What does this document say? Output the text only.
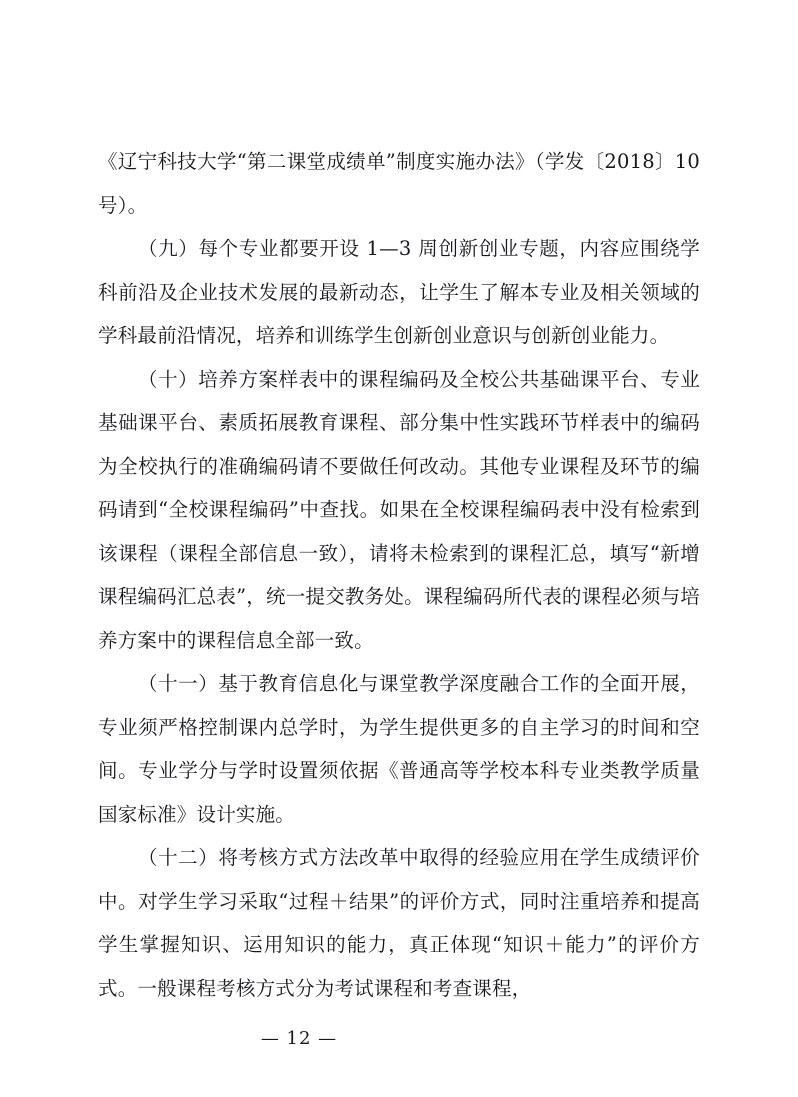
《辽宁科技大学“第二课堂成绩单”制度实施办法》（学发〔2018〕10 号）。

（九）每个专业都要开设 1—3 周创新创业专题，内容应围绕学科前沿及企业技术发展的最新动态，让学生了解本专业及相关领域的学科最前沿情况，培养和训练学生创新创业意识与创新创业能力。

（十）培养方案样表中的课程编码及全校公共基础课平台、专业基础课平台、素质拓展教育课程、部分集中性实践环节样表中的编码为全校执行的准确编码请不要做任何改动。其他专业课程及环节的编码请到“全校课程编码”中查找。如果在全校课程编码表中没有检索到该课程（课程全部信息一致），请将未检索到的课程汇总，填写“新增课程编码汇总表”，统一提交教务处。课程编码所代表的课程必须与培养方案中的课程信息全部一致。

（十一）基于教育信息化与课堂教学深度融合工作的全面开展，专业须严格控制课内总学时，为学生提供更多的自主学习的时间和空间。专业学分与学时设置须依据《普通高等学校本科专业类教学质量国家标准》设计实施。

（十二）将考核方式方法改革中取得的经验应用在学生成绩评价中。对学生学习采取“过程＋结果”的评价方式，同时注重培养和提高学生掌握知识、运用知识的能力，真正体现“知识＋能力”的评价方式。一般课程考核方式分为考试课程和考查课程，

— 12 —
